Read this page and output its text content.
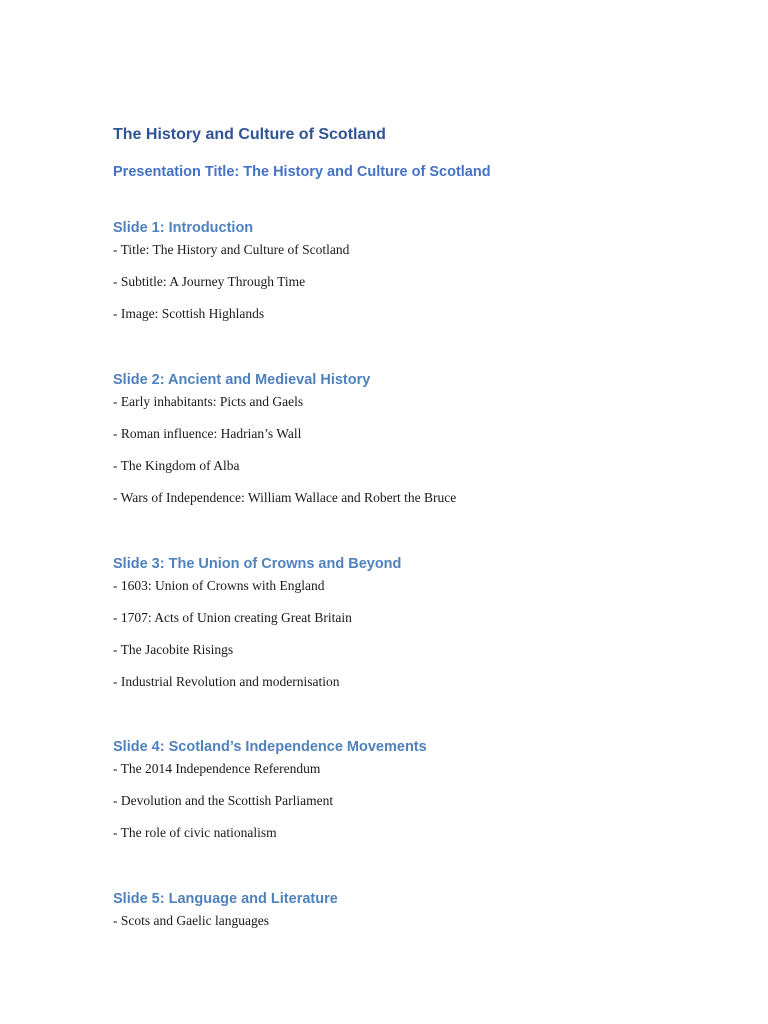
The History and Culture of Scotland
Presentation Title: The History and Culture of Scotland
Slide 1: Introduction

- Title: The History and Culture of Scotland

- Subtitle: A Journey Through Time

- Image: Scottish Highlands

Slide 2: Ancient and Medieval History

- Early inhabitants: Picts and Gaels

- Roman influence: Hadrian’s Wall

- The Kingdom of Alba

- Wars of Independence: William Wallace and Robert the Bruce

Slide 3: The Union of Crowns and Beyond

- 1603: Union of Crowns with England

- 1707: Acts of Union creating Great Britain

- The Jacobite Risings

- Industrial Revolution and modernisation

Slide 4: Scotland’s Independence Movements

- The 2014 Independence Referendum

- Devolution and the Scottish Parliament

- The role of civic nationalism

Slide 5: Language and Literature

- Scots and Gaelic languages
